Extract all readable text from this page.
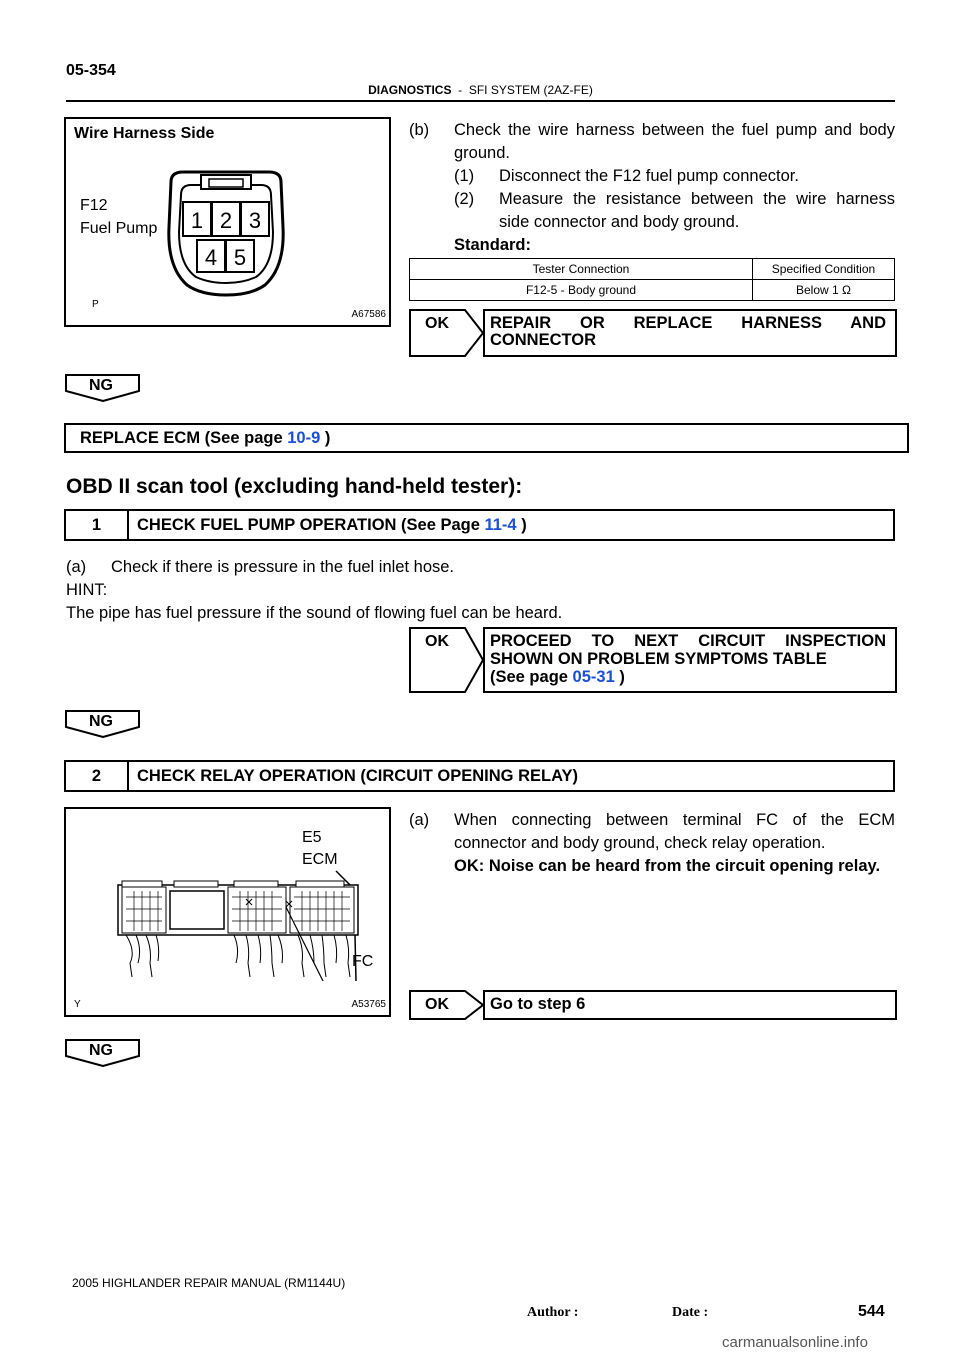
05-354
DIAGNOSTICS - SFI SYSTEM (2AZ-FE)
Wire Harness Side
F12
Fuel Pump 1 2 3
4 5
P
A67586
(b) Check the wire harness between the fuel pump and body ground.
(1) Disconnect the F12 fuel pump connector.
(2) Measure the resistance between the wire harness side connector and body ground.
Standard:
Tester Connection	Specified Condition
F12-5 - Body ground	Below 1 Ω
OK REPAIR OR REPLACE HARNESS AND CONNECTOR
NG
REPLACE ECM (See page 10-9 )
OBD II scan tool (excluding hand-held tester):
1	CHECK FUEL PUMP OPERATION (See Page 11-4 )
(a) Check if there is pressure in the fuel inlet hose.
HINT:
The pipe has fuel pressure if the sound of flowing fuel can be heard.
OK PROCEED TO NEXT CIRCUIT INSPECTION
SHOWN ON PROBLEM SYMPTOMS TABLE
(See page 05-31 )
NG
2	CHECK RELAY OPERATION (CIRCUIT OPENING RELAY)
E5
ECM
FC
Y	A53765
(a) When connecting between terminal FC of the ECM connector and body ground, check relay operation.
OK: Noise can be heard from the circuit opening relay.
OK Go to step 6
NG
2005 HIGHLANDER REPAIR MANUAL (RM1144U)
Author :	Date :	544
carmanualsonline.info
